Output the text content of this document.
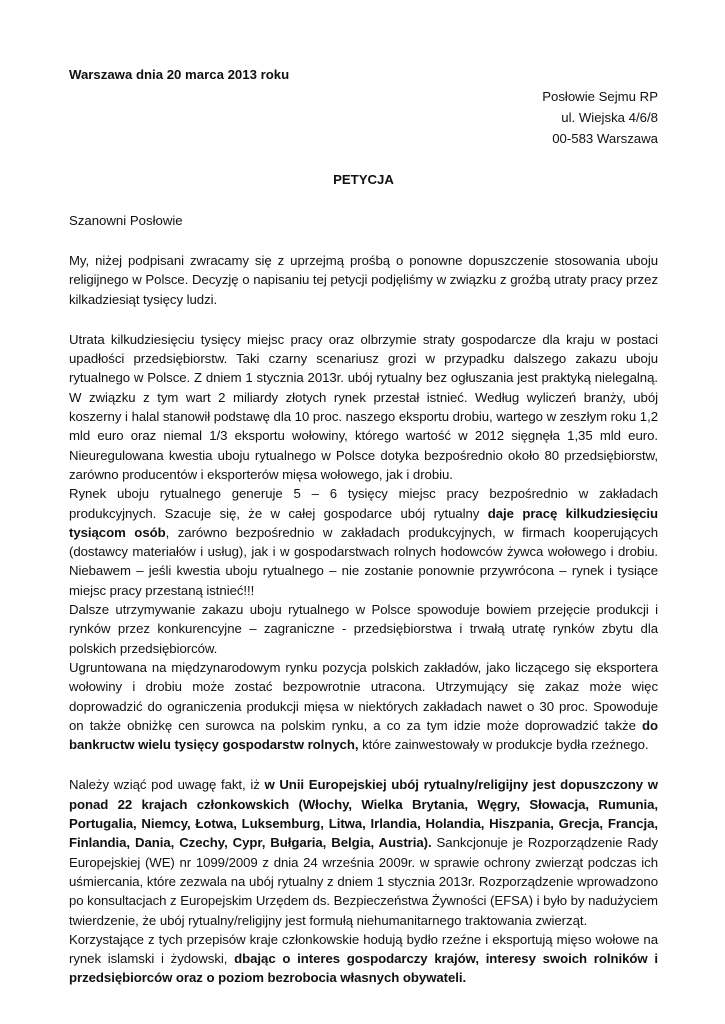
Warszawa dnia 20 marca 2013 roku
Posłowie Sejmu RP
ul. Wiejska 4/6/8
00-583 Warszawa
PETYCJA
Szanowni Posłowie

My, niżej podpisani zwracamy się z uprzejmą prośbą o ponowne dopuszczenie stosowania uboju religijnego w Polsce. Decyzję o napisaniu tej petycji podjęliśmy w związku z groźbą utraty pracy przez kilkadziesiąt tysięcy ludzi.

Utrata kilkudziesięciu tysięcy miejsc pracy oraz olbrzymie straty gospodarcze dla kraju w postaci upadłości przedsiębiorstw. Taki czarny scenariusz grozi w przypadku dalszego zakazu uboju rytualnego w Polsce. Z dniem 1 stycznia 2013r. ubój rytualny bez ogłuszania jest praktyką nielegalną. W związku z tym wart 2 miliardy złotych rynek przestał istnieć. Według wyliczeń branży, ubój koszerny i halal stanowił podstawę dla 10 proc. naszego eksportu drobiu, wartego w zeszłym roku 1,2 mld euro oraz niemal 1/3 eksportu wołowiny, którego wartość w 2012 sięgnęła 1,35 mld euro. Nieuregulowana kwestia uboju rytualnego w Polsce dotyka bezpośrednio około 80 przedsiębiorstw, zarówno producentów i eksporterów mięsa wołowego, jak i drobiu.

Rynek uboju rytualnego generuje 5 – 6 tysięcy miejsc pracy bezpośrednio w zakładach produkcyjnych. Szacuje się, że w całej gospodarce ubój rytualny daje pracę kilkudziesięciu tysiącom osób, zarówno bezpośrednio w zakładach produkcyjnych, w firmach kooperujących (dostawcy materiałów i usług), jak i w gospodarstwach rolnych hodowców żywca wołowego i drobiu. Niebawem – jeśli kwestia uboju rytualnego – nie zostanie ponownie przywrócona – rynek i tysiące miejsc pracy przestaną istnieć!!!

Dalsze utrzymywanie zakazu uboju rytualnego w Polsce spowoduje bowiem przejęcie produkcji i rynków przez konkurencyjne – zagraniczne - przedsiębiorstwa i trwałą utratę rynków zbytu dla polskich przedsiębiorców.

Ugruntowana na międzynarodowym rynku pozycja polskich zakładów, jako liczącego się eksportera wołowiny i drobiu może zostać bezpowrotnie utracona. Utrzymujący się zakaz może więc doprowadzić do ograniczenia produkcji mięsa w niektórych zakładach nawet o 30 proc. Spowoduje on także obniżkę cen surowca na polskim rynku, a co za tym idzie może doprowadzić także do bankructw wielu tysięcy gospodarstw rolnych, które zainwestowały w produkcje bydła rzeźnego.

Należy wziąć pod uwagę fakt, iż w Unii Europejskiej ubój rytualny/religijny jest dopuszczony w ponad 22 krajach członkowskich (Włochy, Wielka Brytania, Węgry, Słowacja, Rumunia, Portugalia, Niemcy, Łotwa, Luksemburg, Litwa, Irlandia, Holandia, Hiszpania, Grecja, Francja, Finlandia, Dania, Czechy, Cypr, Bułgaria, Belgia, Austria). Sankcjonuje je Rozporządzenie Rady Europejskiej (WE) nr 1099/2009 z dnia 24 września 2009r. w sprawie ochrony zwierząt podczas ich uśmiercania, które zezwala na ubój rytualny z dniem 1 stycznia 2013r. Rozporządzenie wprowadzono po konsultacjach z Europejskim Urzędem ds. Bezpieczeństwa Żywności (EFSA) i było by nadużyciem twierdzenie, że ubój rytualny/religijny jest formułą niehumanitarnego traktowania zwierząt.

Korzystające z tych przepisów kraje członkowskie hodują bydło rzeźne i eksportują mięso wołowe na rynek islamski i żydowski, dbając o interes gospodarczy krajów, interesy swoich rolników i przedsiębiorców oraz o poziom bezrobocia własnych obywateli.
